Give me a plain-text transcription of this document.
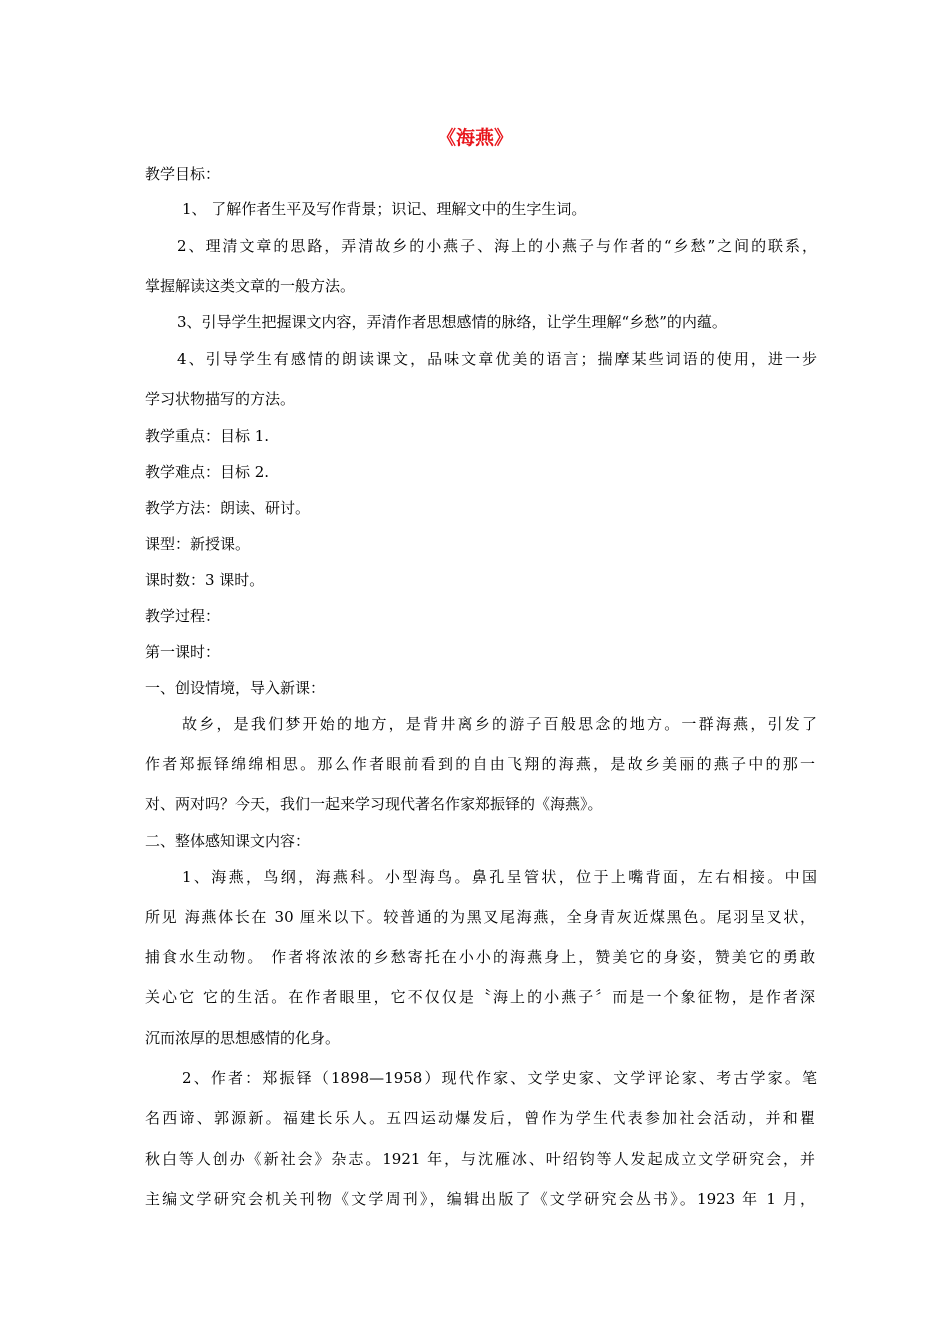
《海燕》
教学目标：
1、 了解作者生平及写作背景；识记、理解文中的生字生词。
2、理清文章的思路，弄清故乡的小燕子、海上的小燕子与作者的“乡愁”之间的联系，
掌握解读这类文章的一般方法。
3、引导学生把握课文内容，弄清作者思想感情的脉络，让学生理解“乡愁”的内蕴。
4、引导学生有感情的朗读课文，品味文章优美的语言；揣摩某些词语的使用，进一步
学习状物描写的方法。
教学重点：目标 1.
教学难点：目标 2.
教学方法：朗读、研讨。
课型：新授课。
课时数：3 课时。
教学过程：
第一课时：
一、创设情境，导入新课：
故乡，是我们梦开始的地方，是背井离乡的游子百般思念的地方。一群海燕，引发了
作者郑振铎绵绵相思。那么作者眼前看到的自由飞翔的海燕，是故乡美丽的燕子中的那一
对、两对吗？今天，我们一起来学习现代著名作家郑振铎的《海燕》。
二、整体感知课文内容：
1、海燕，鸟纲，海燕科。小型海鸟。鼻孔呈管状，位于上嘴背面，左右相接。中国
所见 海燕体长在 30 厘米以下。较普通的为黑叉尾海燕，全身青灰近煤黑色。尾羽呈叉状，
捕食水生动物。 作者将浓浓的乡愁寄托在小小的海燕身上，赞美它的身姿，赞美它的勇敢
关心它 它的生活。在作者眼里，它不仅仅是〝海上的小燕子〞而是一个象征物，是作者深
沉而浓厚的思想感情的化身。
2、作者：郑振铎（1898—1958）现代作家、文学史家、文学评论家、考古学家。笔
名西谛、郭源新。福建长乐人。五四运动爆发后，曾作为学生代表参加社会活动，并和瞿
秋白等人创办《新社会》杂志。1921 年，与沈雁冰、叶绍钧等人发起成立文学研究会，并
主编文学研究会机关刊物《文学周刊》，编辑出版了《文学研究会丛书》。1923 年 1 月，
